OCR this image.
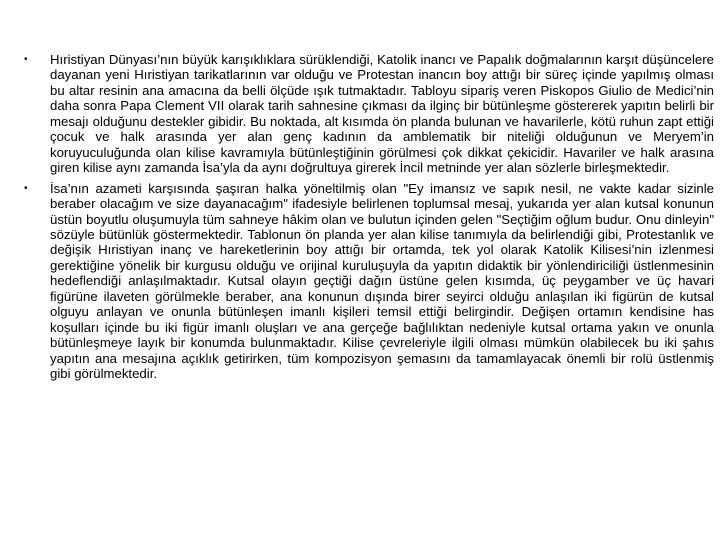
• Hıristiyan Dünyası’nın büyük karışıklıklara sürüklendiği, Katolik inancı ve Papalık doğmalarının karşıt düşüncelere dayanan yeni Hıristiyan tarikatlarının var olduğu ve Protestan inancın boy attığı bir süreç içinde yapılmış olması bu altar resinin ana amacına da belli ölçüde ışık tutmaktadır. Tabloyu sipariş veren Piskopos Giulio de Medici’nin daha sonra Papa Clement VII olarak tarih sahnesine çıkması da ilginç bir bütünleşme göstererek yapıtın belirli bir mesajı olduğunu destekler gibidir. Bu noktada, alt kısımda ön planda bulunan ve havarilerle, kötü ruhun zapt ettiği çocuk ve halk arasında yer alan genç kadının da amblematik bir niteliği olduğunun ve Meryem’in koruyuculuğunda olan kilise kavramıyla bütünleştiğinin görülmesi çok dikkat çekicidir. Havariler ve halk arasına giren kilise aynı zamanda İsa’yla da aynı doğrultuya girerek İncil metninde yer alan sözlerle birleşmektedir.
• İsa’nın azameti karşısında şaşıran halka yöneltilmiş olan "Ey imansız ve sapık nesil, ne vakte kadar sizinle beraber olacağım ve size dayanacağım" ifadesiyle belirlenen toplumsal mesaj, yukarıda yer alan kutsal konunun üstün boyutlu oluşumuyla tüm sahneye hâkim olan ve bulutun içinden gelen "Seçtiğim oğlum budur. Onu dinleyin" sözüyle bütünlük göstermektedir. Tablonun ön planda yer alan kilise tanımıyla da belirlendiği gibi, Protestanlık ve değişik Hıristiyan inanç ve hareketlerinin boy attığı bir ortamda, tek yol olarak Katolik Kilisesi’nin izlenmesi gerektiğine yönelik bir kurgusu olduğu ve orijinal kuruluşuyla da yapıtın didaktik bir yönlendiriciliği üstlenmesinin hedeflendiği anlaşılmaktadır. Kutsal olayın geçtiği dağın üstüne gelen kısımda, üç peygamber ve üç havari figürüne ilaveten görülmekle beraber, ana konunun dışında birer seyirci olduğu anlaşılan iki figürün de kutsal olguyu anlayan ve onunla bütünleşen imanlı kişileri temsil ettiği belirgindir. Değişen ortamın kendisine has koşulları içinde bu iki figür imanlı oluşları ve ana gerçeğe bağlılıktan nedeniyle kutsal ortama yakın ve onunla bütünleşmeye layık bir konumda bulunmaktadır. Kilise çevreleriyle ilgili olması mümkün olabilecek bu iki şahıs yapıtın ana mesajına açıklık getirirken, tüm kompozisyon şemasını da tamamlayacak önemli bir rolü üstlenmiş gibi görülmektedir.
